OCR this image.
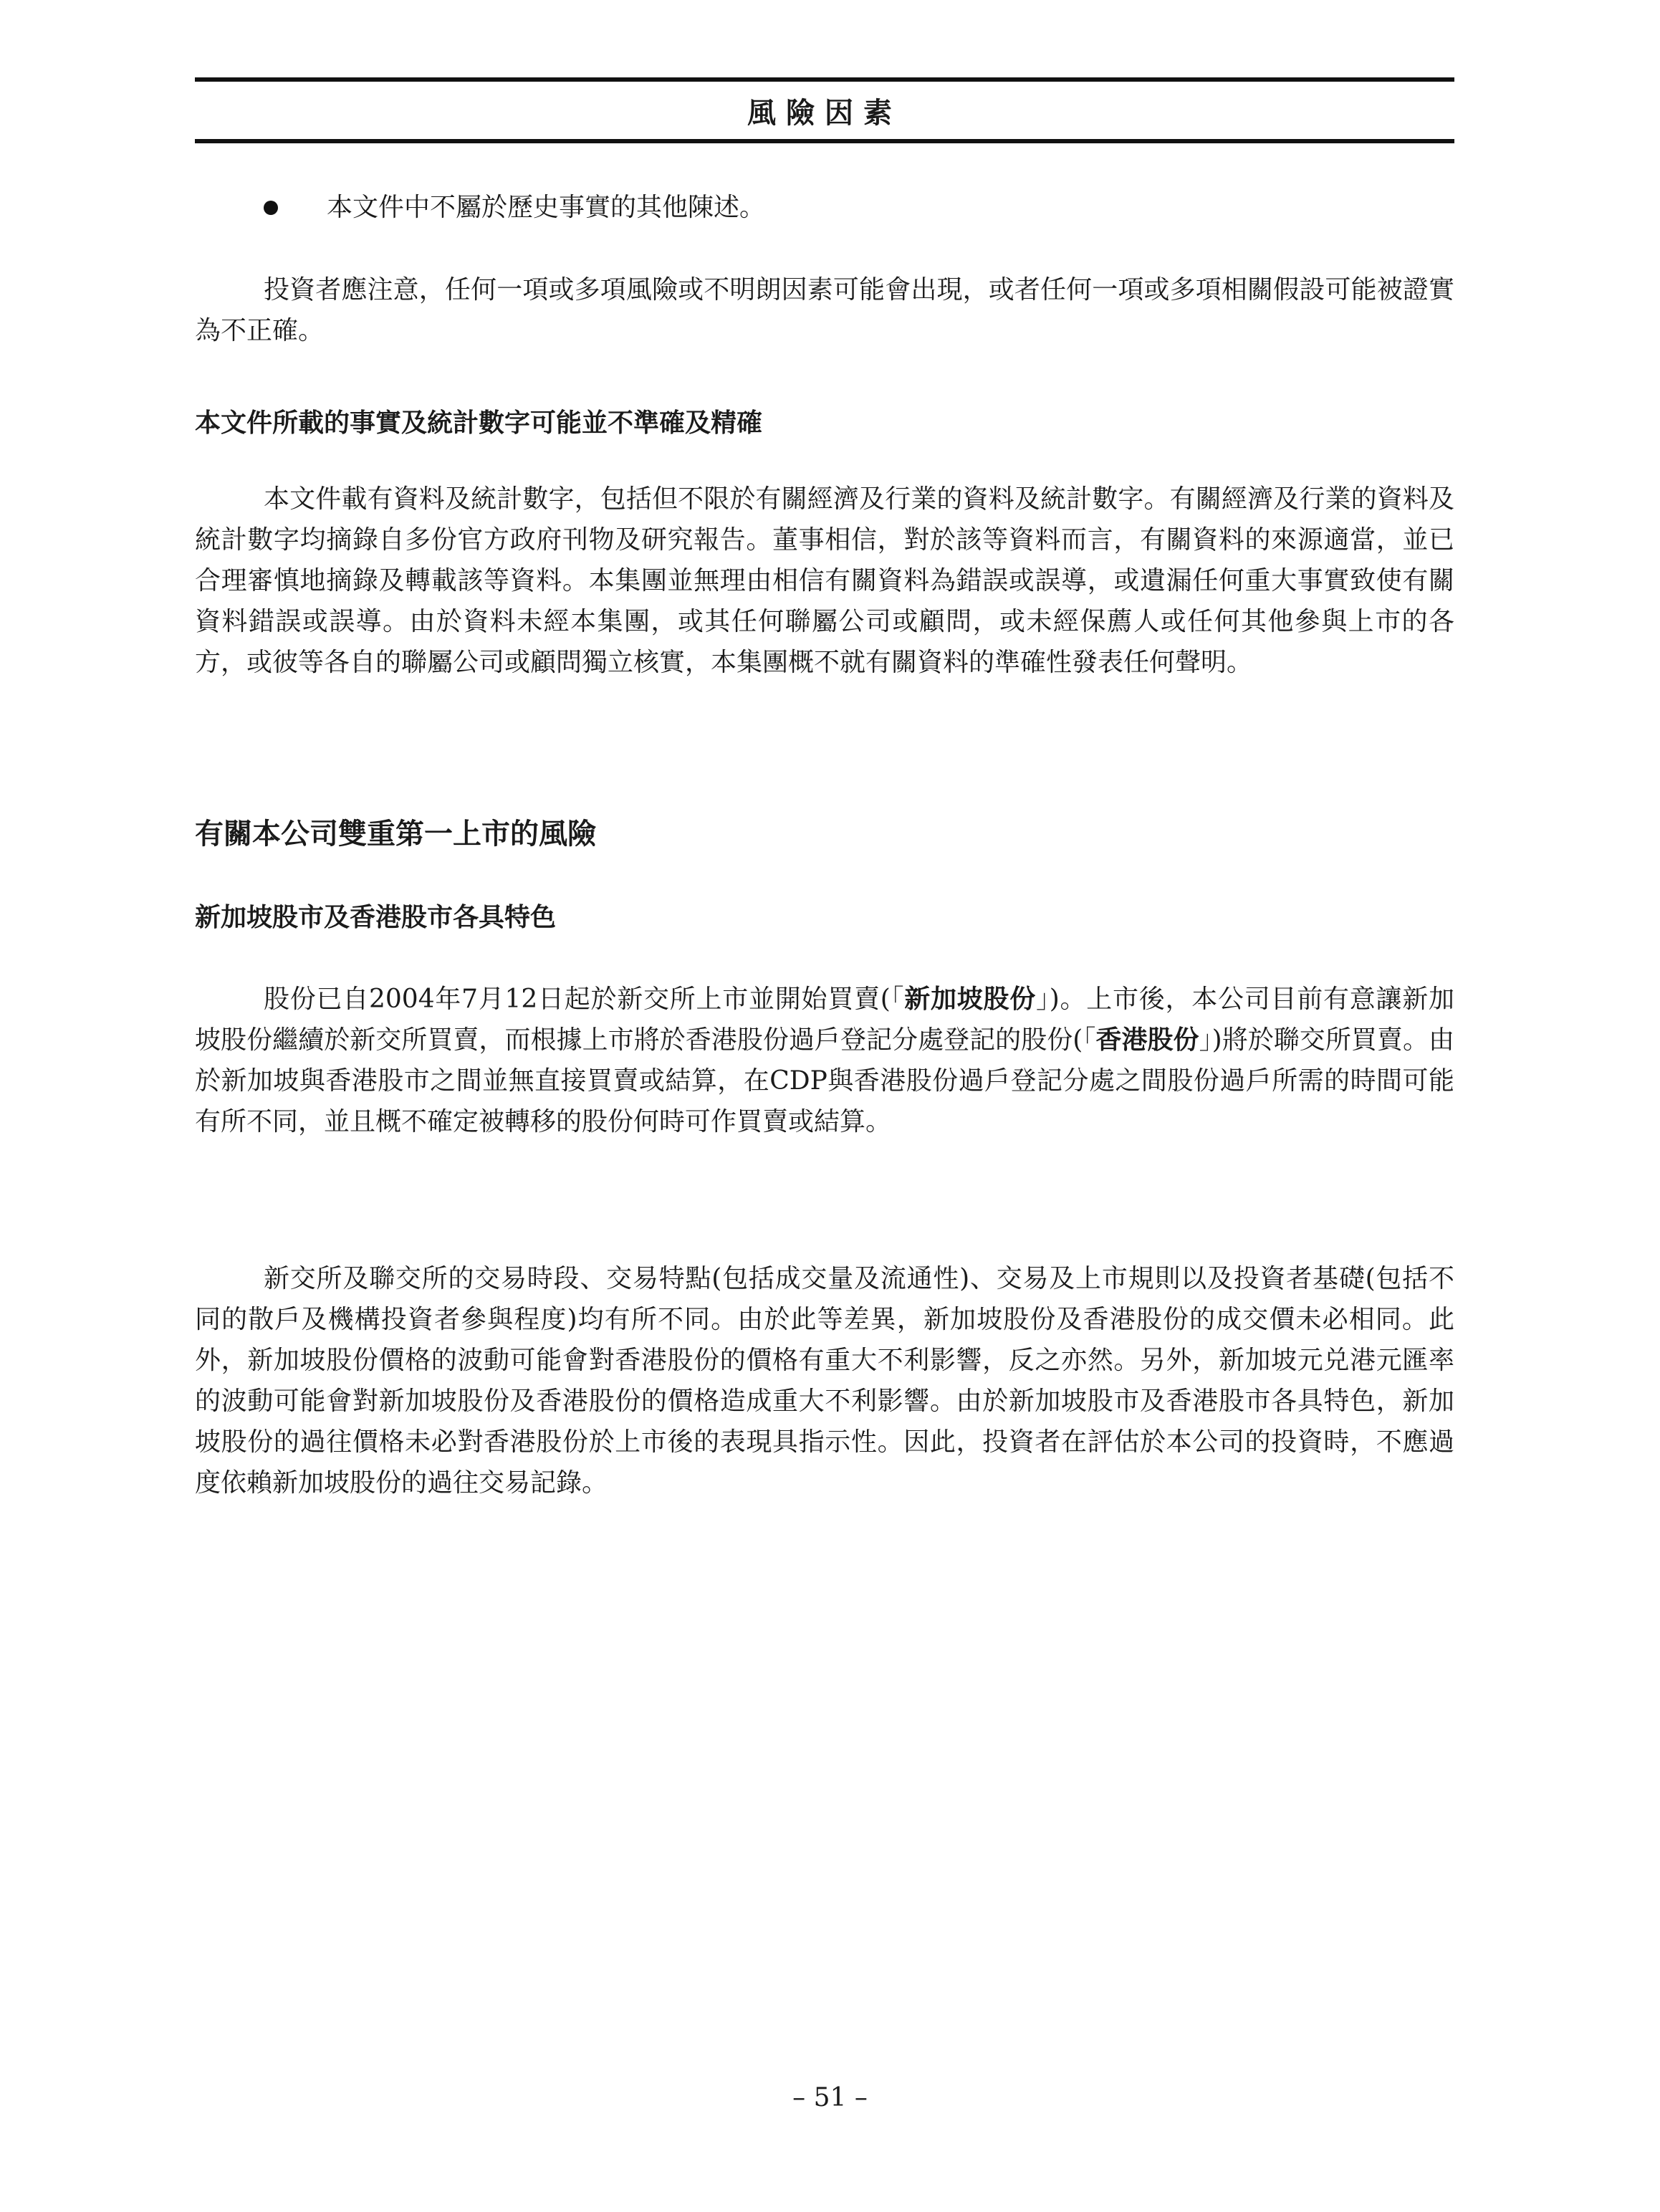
風險因素
本文件中不屬於歷史事實的其他陳述。

投資者應注意，任何一項或多項風險或不明朗因素可能會出現，或者任何一項或多項相關假設可能被證實為不正確。

本文件所載的事實及統計數字可能並不準確及精確

本文件載有資料及統計數字，包括但不限於有關經濟及行業的資料及統計數字。有關經濟及行業的資料及統計數字均摘錄自多份官方政府刊物及研究報告。董事相信，對於該等資料而言，有關資料的來源適當，並已合理審慎地摘錄及轉載該等資料。本集團並無理由相信有關資料為錯誤或誤導，或遺漏任何重大事實致使有關資料錯誤或誤導。由於資料未經本集團，或其任何聯屬公司或顧問，或未經保薦人或任何其他參與上市的各方，或彼等各自的聯屬公司或顧問獨立核實，本集團概不就有關資料的準確性發表任何聲明。

有關本公司雙重第一上市的風險
新加坡股市及香港股市各具特色

股份已自2004年7月12日起於新交所上市並開始買賣(「新加坡股份」)。上市後，本公司目前有意讓新加坡股份繼續於新交所買賣，而根據上市將於香港股份過戶登記分處登記的股份(「香港股份」)將於聯交所買賣。由於新加坡與香港股市之間並無直接買賣或結算，在CDP與香港股份過戶登記分處之間股份過戶所需的時間可能有所不同，並且概不確定被轉移的股份何時可作買賣或結算。

新交所及聯交所的交易時段、交易特點(包括成交量及流通性)、交易及上市規則以及投資者基礎(包括不同的散戶及機構投資者參與程度)均有所不同。由於此等差異，新加坡股份及香港股份的成交價未必相同。此外，新加坡股份價格的波動可能會對香港股份的價格有重大不利影響，反之亦然。另外，新加坡元兑港元匯率的波動可能會對新加坡股份及香港股份的價格造成重大不利影響。由於新加坡股市及香港股市各具特色，新加坡股份的過往價格未必對香港股份於上市後的表現具指示性。因此，投資者在評估於本公司的投資時，不應過度依賴新加坡股份的過往交易記錄。

– 51 –
